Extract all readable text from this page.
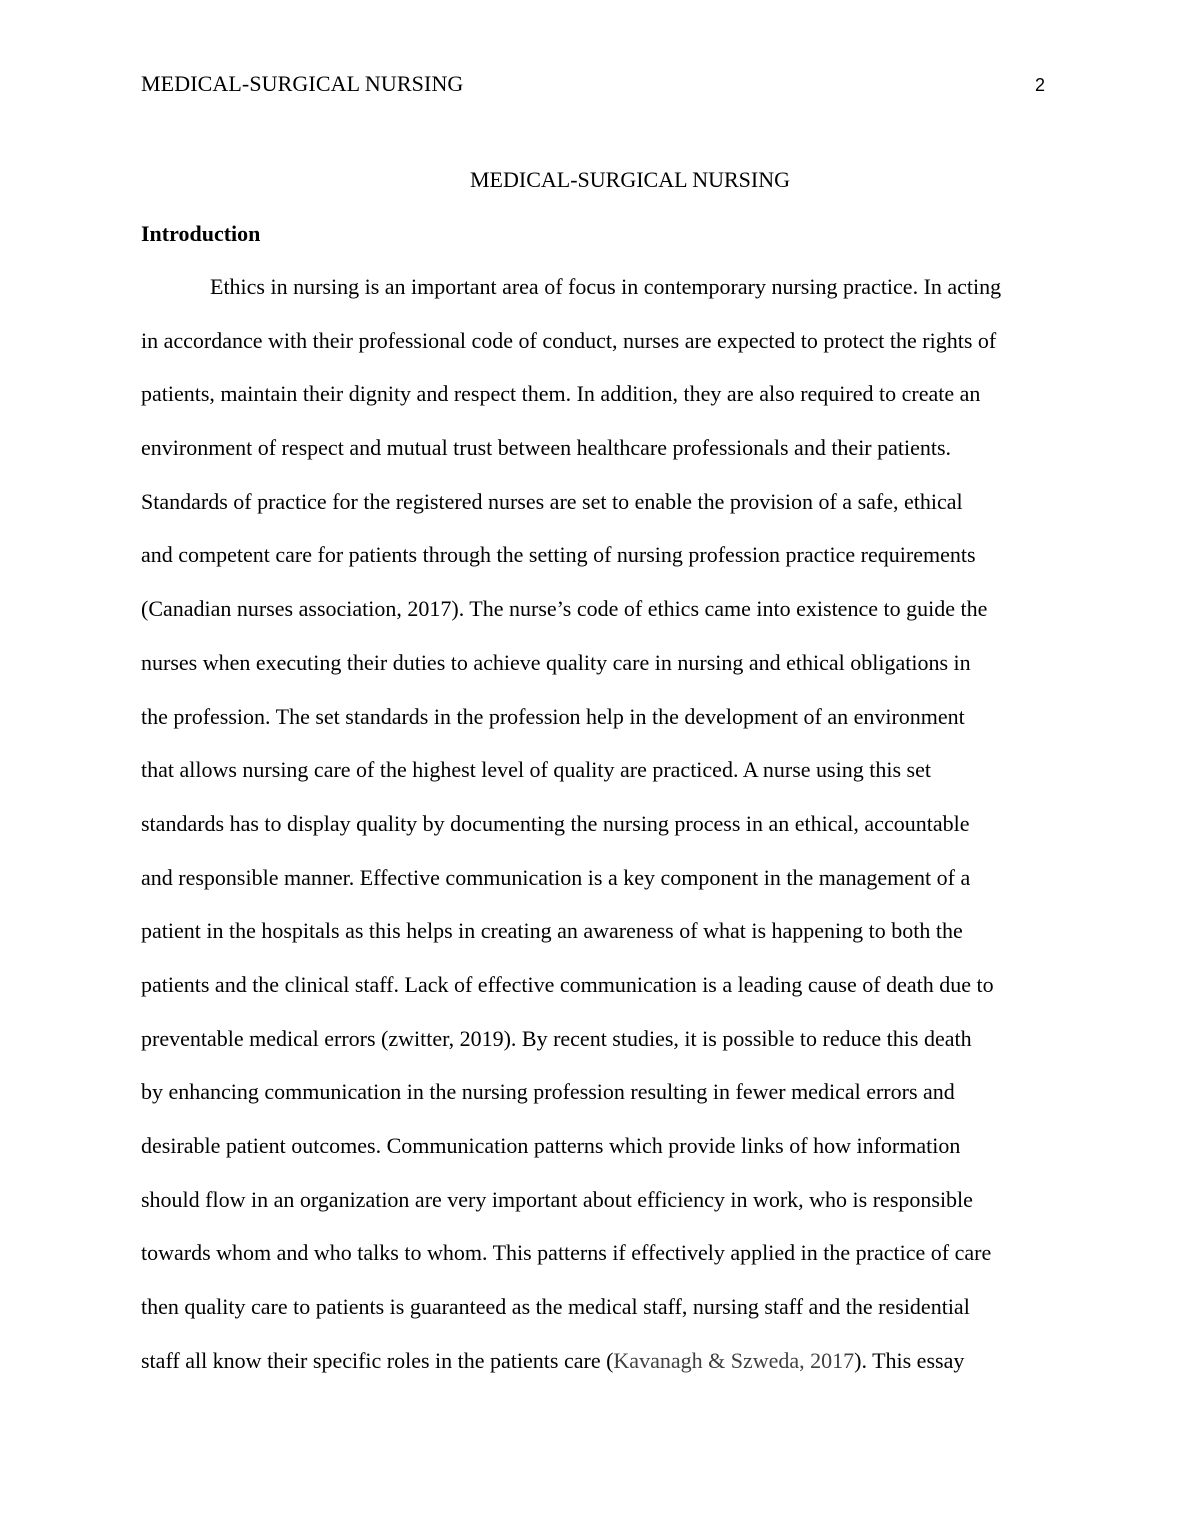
MEDICAL-SURGICAL NURSING	2
MEDICAL-SURGICAL NURSING
Introduction
Ethics in nursing is an important area of focus in contemporary nursing practice. In acting
in accordance with their professional code of conduct, nurses are expected to protect the rights of
patients, maintain their dignity and respect them. In addition, they are also required to create an
environment of respect and mutual trust between healthcare professionals and their patients.
Standards of practice for the registered nurses are set to enable the provision of a safe, ethical
and competent care for patients through the setting of nursing profession practice requirements
(Canadian nurses association, 2017). The nurse’s code of ethics came into existence to guide the
nurses when executing their duties to achieve quality care in nursing and ethical obligations in
the profession. The set standards in the profession help in the development of an environment
that allows nursing care of the highest level of quality are practiced. A nurse using this set
standards has to display quality by documenting the nursing process in an ethical, accountable
and responsible manner. Effective communication is a key component in the management of a
patient in the hospitals as this helps in creating an awareness of what is happening to both the
patients and the clinical staff. Lack of effective communication is a leading cause of death due to
preventable medical errors (zwitter, 2019). By recent studies, it is possible to reduce this death
by enhancing communication in the nursing profession resulting in fewer medical errors and
desirable patient outcomes. Communication patterns which provide links of how information
should flow in an organization are very important about efficiency in work, who is responsible
towards whom and who talks to whom. This patterns if effectively applied in the practice of care
then quality care to patients is guaranteed as the medical staff, nursing staff and the residential
staff all know their specific roles in the patients care (Kavanagh & Szweda, 2017). This essay
